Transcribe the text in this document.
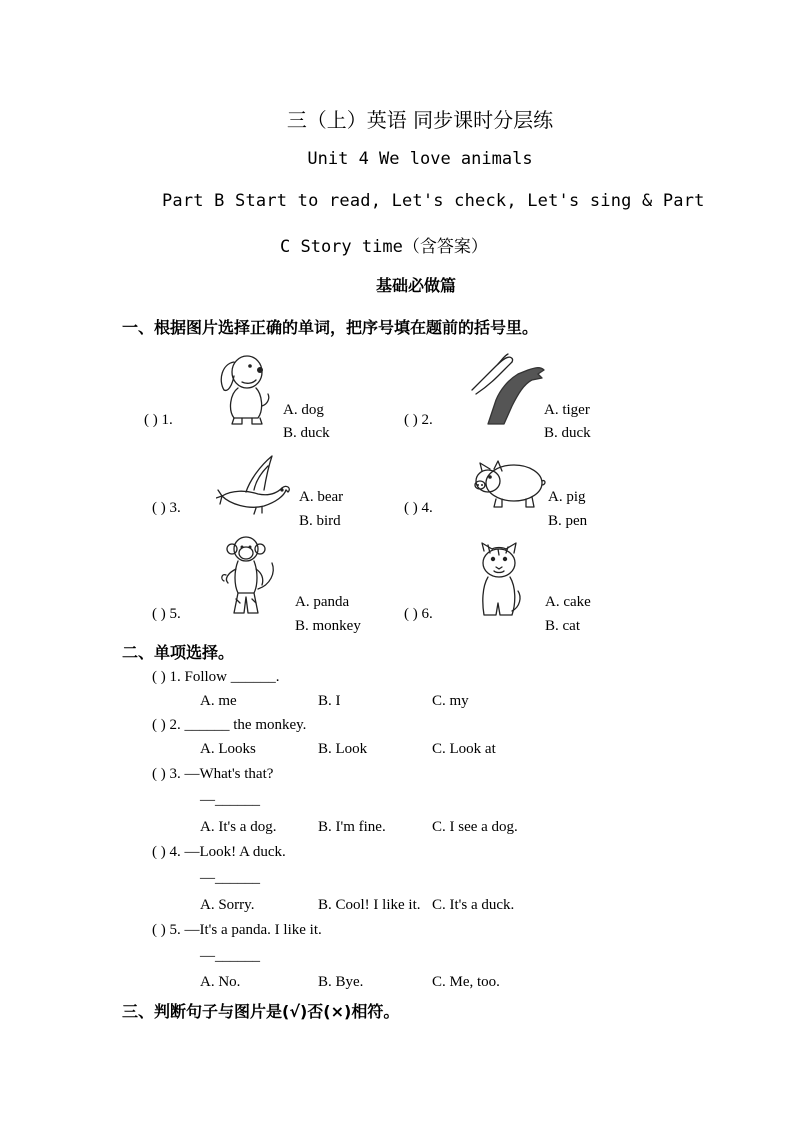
三（上）英语 同步课时分层练
Unit 4 We love animals
Part B Start to read, Let's check, Let's sing & Part
C Story time（含答案）
基础必做篇
一、根据图片选择正确的单词，把序号填在题前的括号里。
( ) 1.
A. dog
B. duck
( ) 2.
A. tiger
B. duck
( ) 3.
A. bear
B. bird
( ) 4.
A. pig
B. pen
( ) 5.
A. panda
B. monkey
( ) 6.
A. cake
B. cat
二、单项选择。
( ) 1. Follow ______.
A. me	B. I	C. my
( ) 2. ______ the monkey.
A. Looks	B. Look	C. Look at
( ) 3. —What's that?
—______
A. It's a dog.	B. I'm fine.	C. I see a dog.
( ) 4. —Look! A duck.
—______
A. Sorry.	B. Cool! I like it. C. It's a duck.
( ) 5. —It's a panda. I like it.
—______
A. No.	B. Bye.	C. Me, too.
三、判断句子与图片是(√)否(×)相符。
